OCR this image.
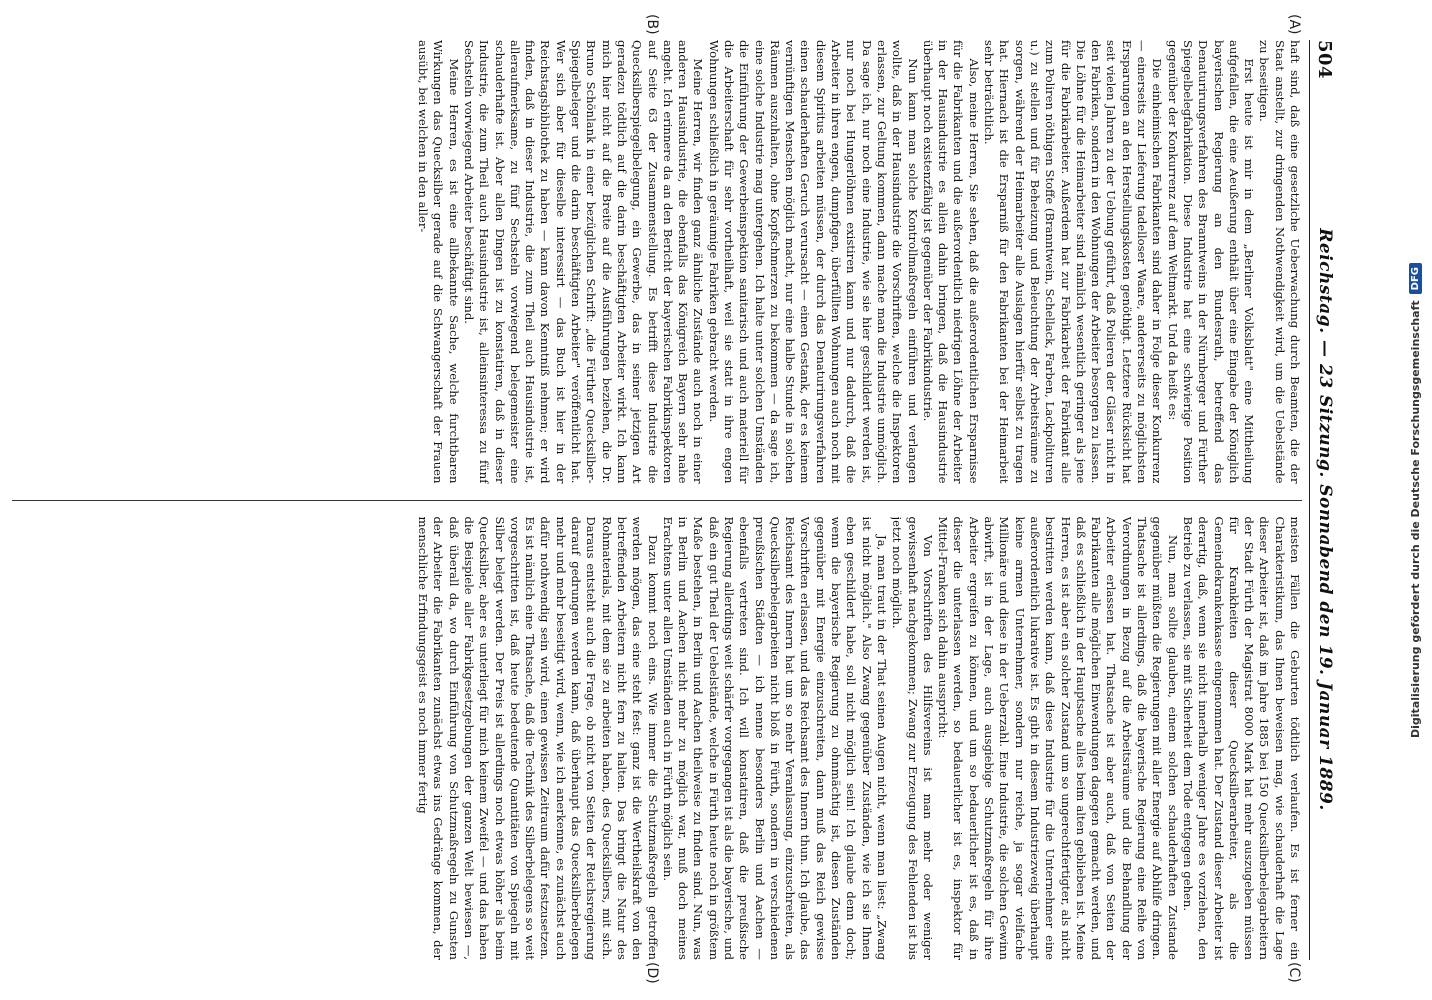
504
Reichstag. — 23 Sitzung. Sonnabend den 19. Januar 1889.
(A)
(B)
(C)
(D)

haft sind, daß eine gesetzliche Ueberwachung durch Beamten, die der Staat anstellt, zur dringenden Nothwendigkeit wird, um die Uebelstände zu beseitigen.

Erst heute ist mir in dem „Berliner Volksblatt" eine Mittheilung aufgefallen, die eine Aeußerung enthält über eine Eingabe der Königlich bayerischen Regierung an den Bundesrath, betreffend das Denaturirungsverfahren des Branntweins in der Nürnberger und Fürther Spiegelbelegfabrikation. Diese Industrie hat eine schwierige Position gegenüber der Konkurrenz auf dem Weltmarkt. Und da heißt es:

Die einheimischen Fabrikanten sind daher in Folge dieser Konkurrenz — einerseits zur Lieferung tadelloser Waare, andererseits zu möglichsten Ersparungen an den Herstellungskosten genöthigt. Letztere Rücksicht hat seit vielen Jahren zu der Uebung geführt, daß Polieren der Gläser nicht in den Fabriken, sondern in den Wohnungen der Arbeiter besorgen zu lassen. Die Löhne für die Heimarbeiter sind nämlich wesentlich geringer als jene für die Fabrikarbeiter. Außerdem hat zur Fabrikarbeit der Fabrikant alle zum Poliren nöthigen Stoffe (Branntwein, Schellack, Farben, Lackpolituren u.) zu stellen und für Beheizung und Beleuchtung der Arbeitsräume zu sorgen, während der Heimarbeiter alle Auslagen hierfür selbst zu tragen hat. Hiernach ist die Ersparniß für den Fabrikanten bei der Heimarbeit sehr beträchtlich.

Also, meine Herren, Sie sehen, daß die außerordentlichen Ersparnisse für die Fabrikanten und die außerordentlich niedrigen Löhne der Arbeiter in der Hausindustrie es allein dahin bringen, daß die Hausindustrie überhaupt noch existenzfähig ist gegenüber der Fabrikindustrie.

Nun kann man solche Kontrollmaßregeln einführen und verlangen wollte, daß in der Hausindustrie die Vorschriften, welche die Inspektoren erlassen, zur Geltung kommen, dann mache man die Industrie unmöglich. Da sage ich, nur noch eine Industrie, wie sie hier geschildert werden ist, nur noch bei Hungerlöhnen existiren kann und nur dadurch, daß die Arbeiter in ihren engen, dumpfigen, überfüllten Wohnungen auch noch mit diesem Spiritus arbeiten müssen, der durch das Denaturirungsverfahren einen schauderhaften Geruch verursacht — einen Gestank, der es keinem vernünftigen Menschen möglich macht, nur eine halbe Stunde in solchen Räumen auszuhalten, ohne Kopfschmerzen zu bekommen — da sage ich, eine solche Industrie mag untergehen. Ich halte unter solchen Umständen die Einführung der Gewerbeinspektion sanitarisch und auch materiell für die Arbeiterschaft für sehr vortheilhaft, weil sie statt in ihre engen Wohnungen schließlich in geräumige Fabriken gebracht werden.

Meine Herren, wir finden ganz ähnliche Zustände auch noch in einer anderen Hausindustrie, die ebenfalls das Königreich Bayern sehr nahe angeht. Ich erinnere da an den Bericht der bayerischen Fabrikinspektoren auf Seite 63 der Zusammenstellung. Es betrifft diese Industrie die Quecksilberspiegelbelegung, ein Gewerbe, das in seiner jetzigen Art geradezu tödtlich auf die darin beschäftigten Arbeiter wirkt. Ich kann mich hier nicht auf die Breite auf die Ausführungen beziehen, die Dr. Bruno Schönlank in einer bezüglichen Schrift: „die Fürther Quecksilber-Spiegelbeleger und die darin beschäftigten Arbeiter" veröffentlicht hat. Wer sich aber für dieselbe interessirt — das Buch ist hier in der Reichstagsbibliothek zu haben — kann davon Kenntniß nehmen; er wird finden, daß in dieser Industrie, die zum Theil auch Hausindustrie ist, alleraufmerksame, zu fünf Sechsteln vorwiegend belegemeister eine schauderhafte ist. Aber allen Dingen ist zu konstatiren, daß in dieser Industrie, die zum Theil auch Hausindustrie ist, alleinsinteressa zu fünf Sechsteln vorwiegend Arbeiter beschäftigt sind.

Meine Herren, es ist eine allbekannte Sache, welche furchtbaren Wirkungen das Quecksilber gerade auf die Schwangerschaft der Frauen ausübt, bei welchen in den aller-

meisten Fällen die Geburten tödtlich verlaufen. Es ist ferner ein Charakteristikum, das Ihnen beweisen mag, wie schauderhaft die Lage dieser Arbeiter ist, daß im Jahre 1885 bei 150 Quecksilberbelegarbeitern der Stadt Fürth der Magistrat 8000 Mark hat mehr auszugeben müssen für Krankheiten dieser Quecksilberarbeiter, als die Gemeindekrankenkasse eingenommen hat. Der Zustand dieser Arbeiter ist derartig, daß, wenn sie nicht innerhalb weniger Jahre es vorziehen, den Betrieb zu verlassen, sie mit Sicherheit dem Tode entgegen gehen.

Nun, man sollte glauben, einem solchen schauderhaften Zustande gegenüber müßten die Regierungen mit aller Energie auf Abhilfe dringen. Thatsache ist allerdings, daß die bayerische Regierung eine Reihe von Verordnungen in Bezug auf die Arbeitsräume und die Behandlung der Arbeiter erlassen hat. Thatsache ist aber auch, daß von Seiten der Fabrikanten alle möglichen Einwendungen dagegen gemacht werden, und daß es schließlich in der Hauptsache alles beim alten geblieben ist. Meine Herren, es ist aber ein solcher Zustand um so ungerechtfertigter, als nicht bestritten werden kann, daß diese Industrie für die Unternehmer eine außerordentlich lukrative ist. Es gibt in diesem Industriezweig überhaupt keine armen Unternehmer, sondern nur reiche, ja sogar vielfache Millionäre und diese in der Ueberzahl. Eine Industrie, die solchen Gewinn abwirft, ist in der Lage, auch ausgiebige Schutzmaßregeln für ihre Arbeiter ergreifen zu können, und um so bedauerlicher ist es, daß in dieser die unterlassen werden, so bedauerlicher ist es, inspektor für Mittel-Franken sich dahin ausspricht:

Von Vorschriften des Hilfsvereins ist man mehr oder weniger gewissenhaft nachgekommen; Zwang zur Erzeugung des Fehlenden ist bis jetzt noch möglich.

Ja, man traut in der That seinen Augen nicht, wenn man liest: „Zwang ist nicht möglich." Also Zwang gegenüber Zuständen, wie ich sie Ihnen eben geschildert habe, soll nicht möglich sein! Ich glaube denn doch; wenn die bayerische Regierung zu ohnmächtig ist, diesen Zuständen gegenüber mit Energie einzuschreiten, dann muß das Reich gewisse Vorschriften erlassen, und das Reichsamt des Innern thun. Ich glaube, das Reichsamt des Innern hat um so mehr Veranlassung, einzuschreiten, als Quecksilberbelegarbeiten nicht bloß in Fürth, sondern in verschiedenen preußischen Städten — ich nenne besonders Berlin und Aachen — ebenfalls vertreten sind. Ich will konstatiren, daß die preußische Regierung allerdings weit schärfer vorgegangen ist als die bayerische, und daß ein gut Theil der Uebelstände, welche in Fürth heute noch in größtem Maße bestehen, in Berlin und Aachen theilweise zu finden sind. Nun, was in Berlin und Aachen nicht mehr zu möglich war, muß doch meines Erachtens unter allen Umständen auch in Fürth möglich sein.

Dazu kommt noch eins. Wie immer die Schutzmaßregeln getroffen werden mögen, das eine steht fest: ganz ist die Wertheilskraft von den betreffenden Arbeitern nicht fern zu halten. Das bringt die Natur des Rohmaterials, mit dem sie zu arbeiten haben, des Quecksilbers, mit sich. Daraus entsteht auch die Frage, ob nicht von Seiten der Reichsregierung darauf gedrungen werden kann, daß überhaupt das Quecksilberbelegen mehr und mehr beseitigt wird, wenn, wie ich anerkenne, es zunächst auch dafür nothwendig sein wird, einen gewissen Zeitraum dafür festzusetzen. Es ist nämlich eine Thatsache, daß die Technik des Silberbelegens so weit vorgeschritten ist, daß heute bedeutende Quantitäten von Spiegeln mit Silber belegt werden. Der Preis ist allerdings noch etwas höher als beim Quecksilber, aber es unterliegt für mich keinem Zweifel — und das haben die Beispiele aller Fabrikgesetzgebungen der ganzen Welt bewiesen —, daß überall da, wo durch Einführung von Schutzmaßregeln zu Gunsten der Arbeiter die Fabrikanten zunächst etwas ins Gedränge kommen, der menschliche Erfindungsgeist es noch immer fertig	Digitalisierung gefördert durch die Deutsche Forschungsgemeinschaft
DFG
